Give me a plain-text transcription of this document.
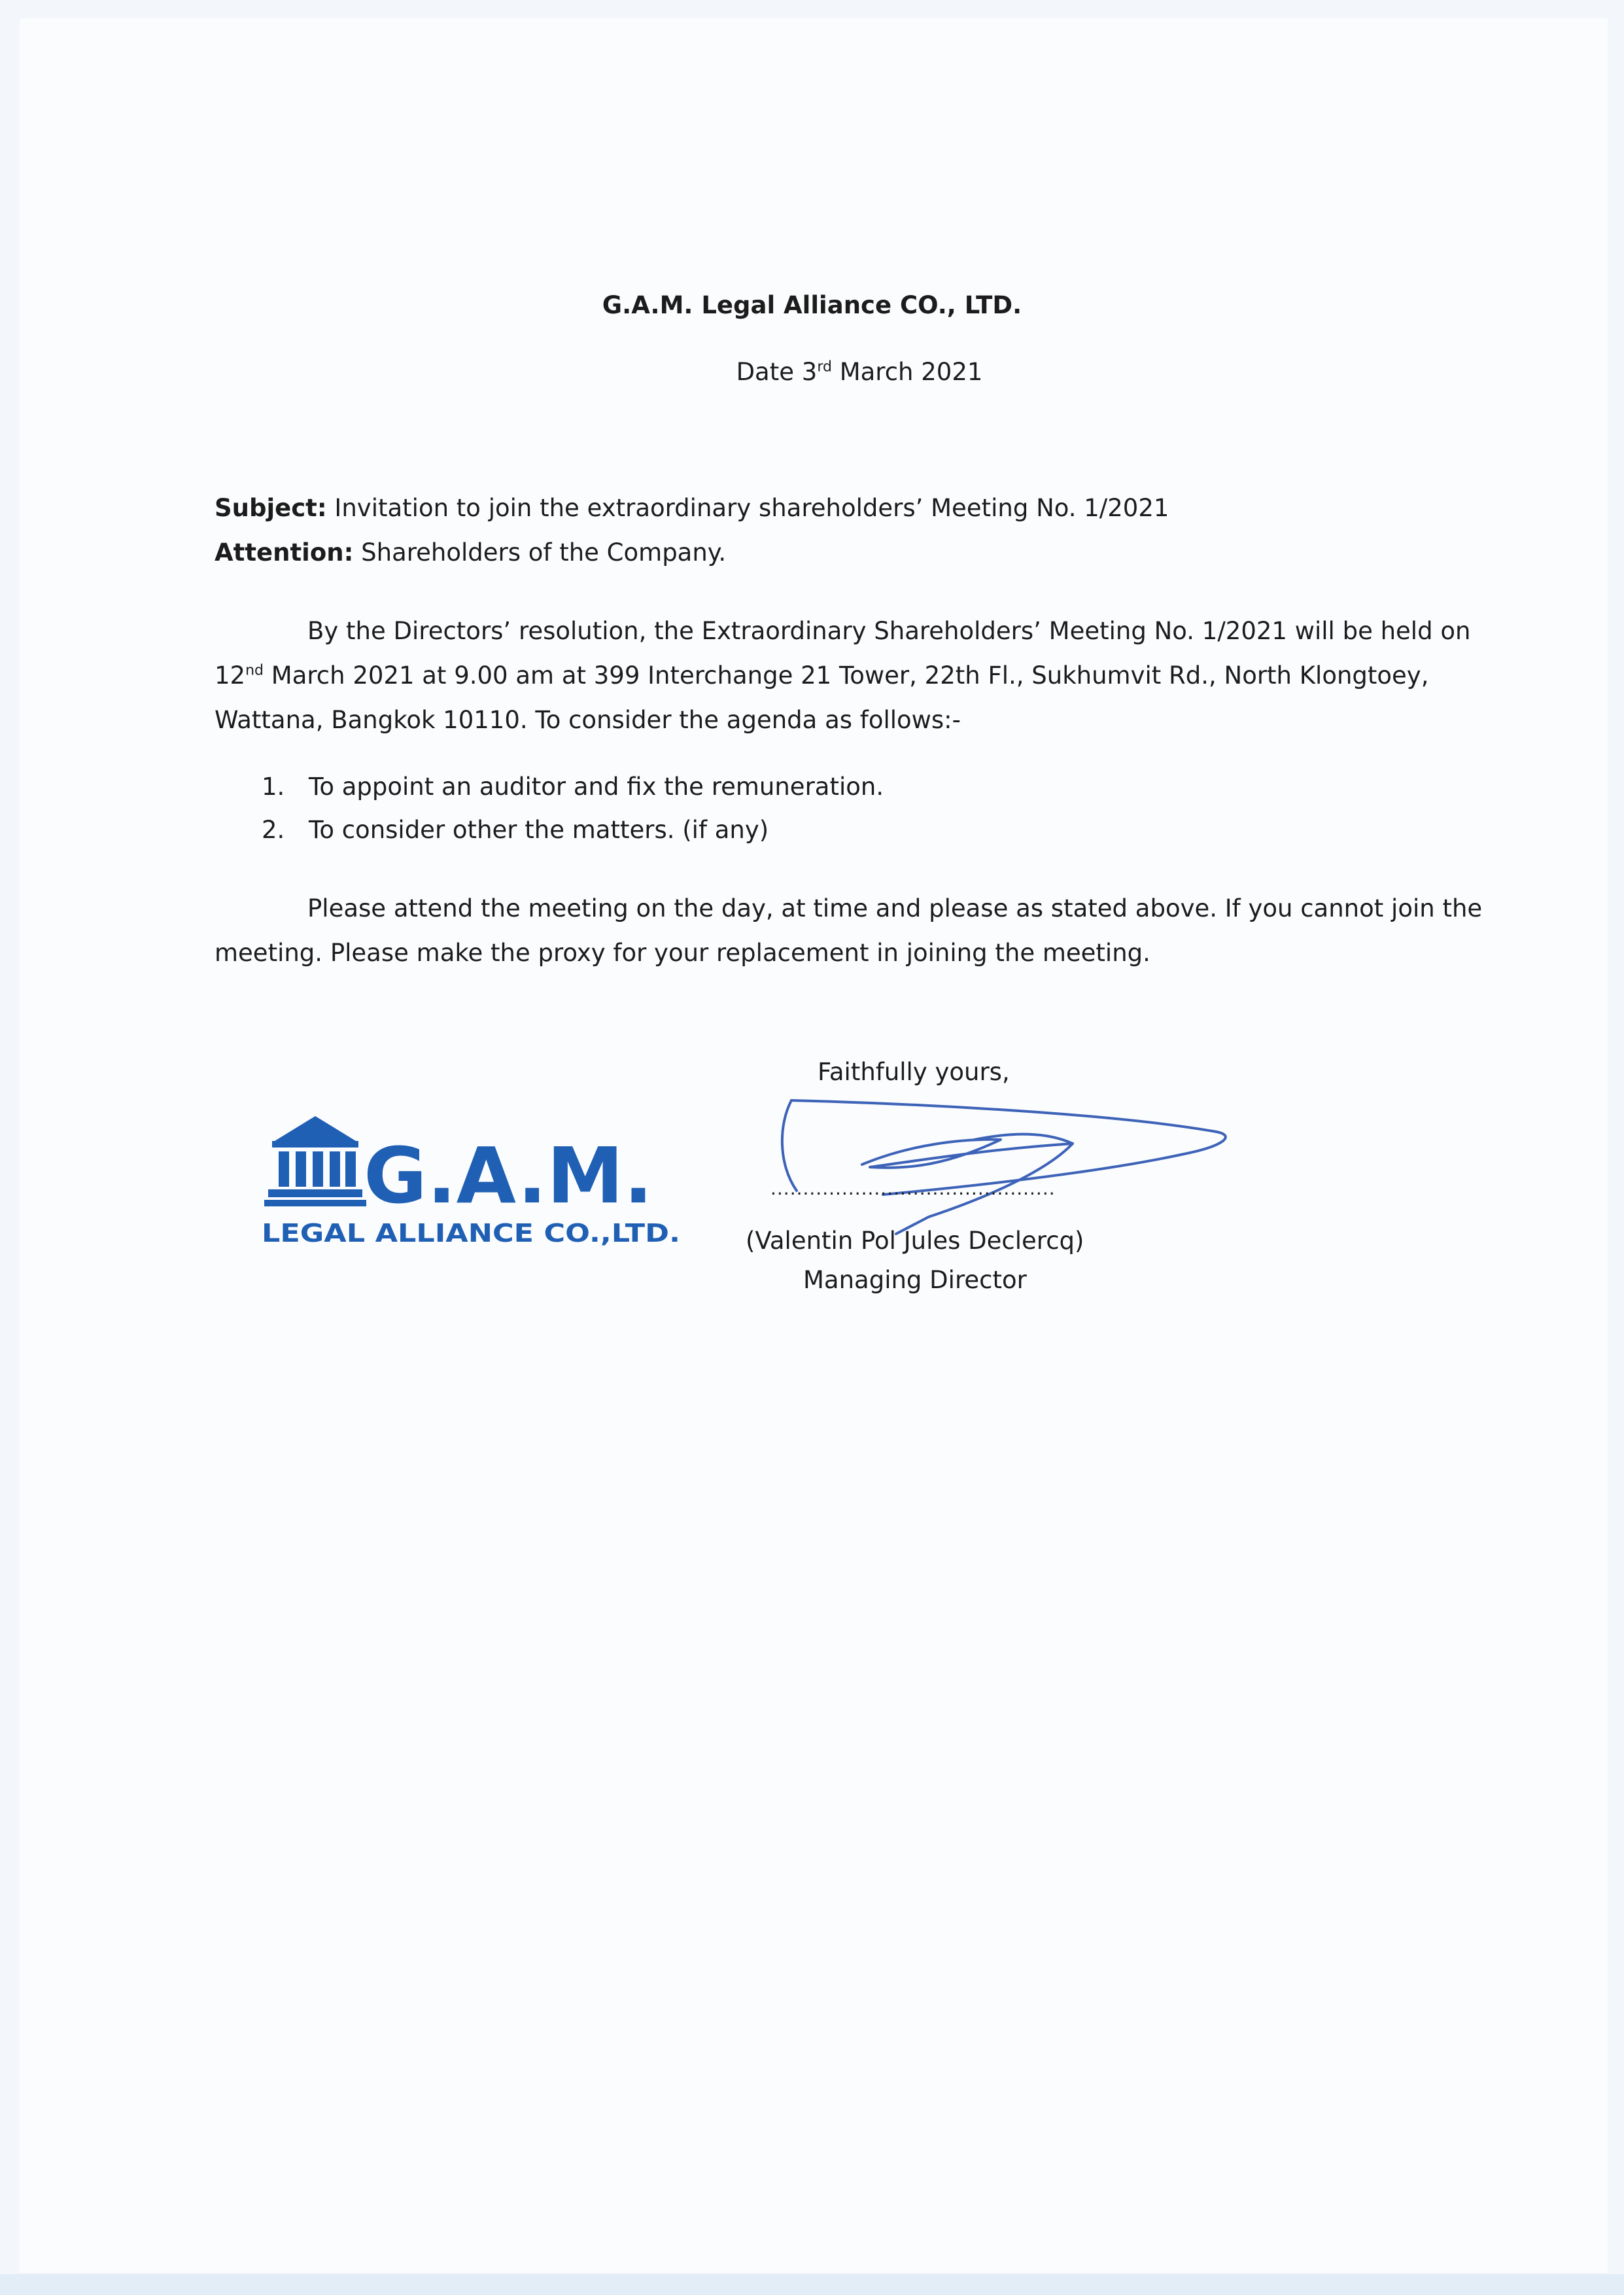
G.A.M. Legal Alliance CO., LTD.
Date 3rd March 2021
Subject: Invitation to join the extraordinary shareholders’ Meeting No. 1/2021
Attention: Shareholders of the Company.
By the Directors’ resolution, the Extraordinary Shareholders’ Meeting No. 1/2021 will be held on
12nd March 2021 at 9.00 am at 399 Interchange 21 Tower, 22th Fl., Sukhumvit Rd., North Klongtoey,
Wattana, Bangkok 10110. To consider the agenda as follows:-
1. To appoint an auditor and fix the remuneration.
2. To consider other the matters. (if any)
Please attend the meeting on the day, at time and please as stated above. If you cannot join the
meeting. Please make the proxy for your replacement in joining the meeting.
Faithfully yours,
............................................
(Valentin Pol Jules Declercq)
Managing Director
G.A.M.
LEGAL ALLIANCE CO.,LTD.
